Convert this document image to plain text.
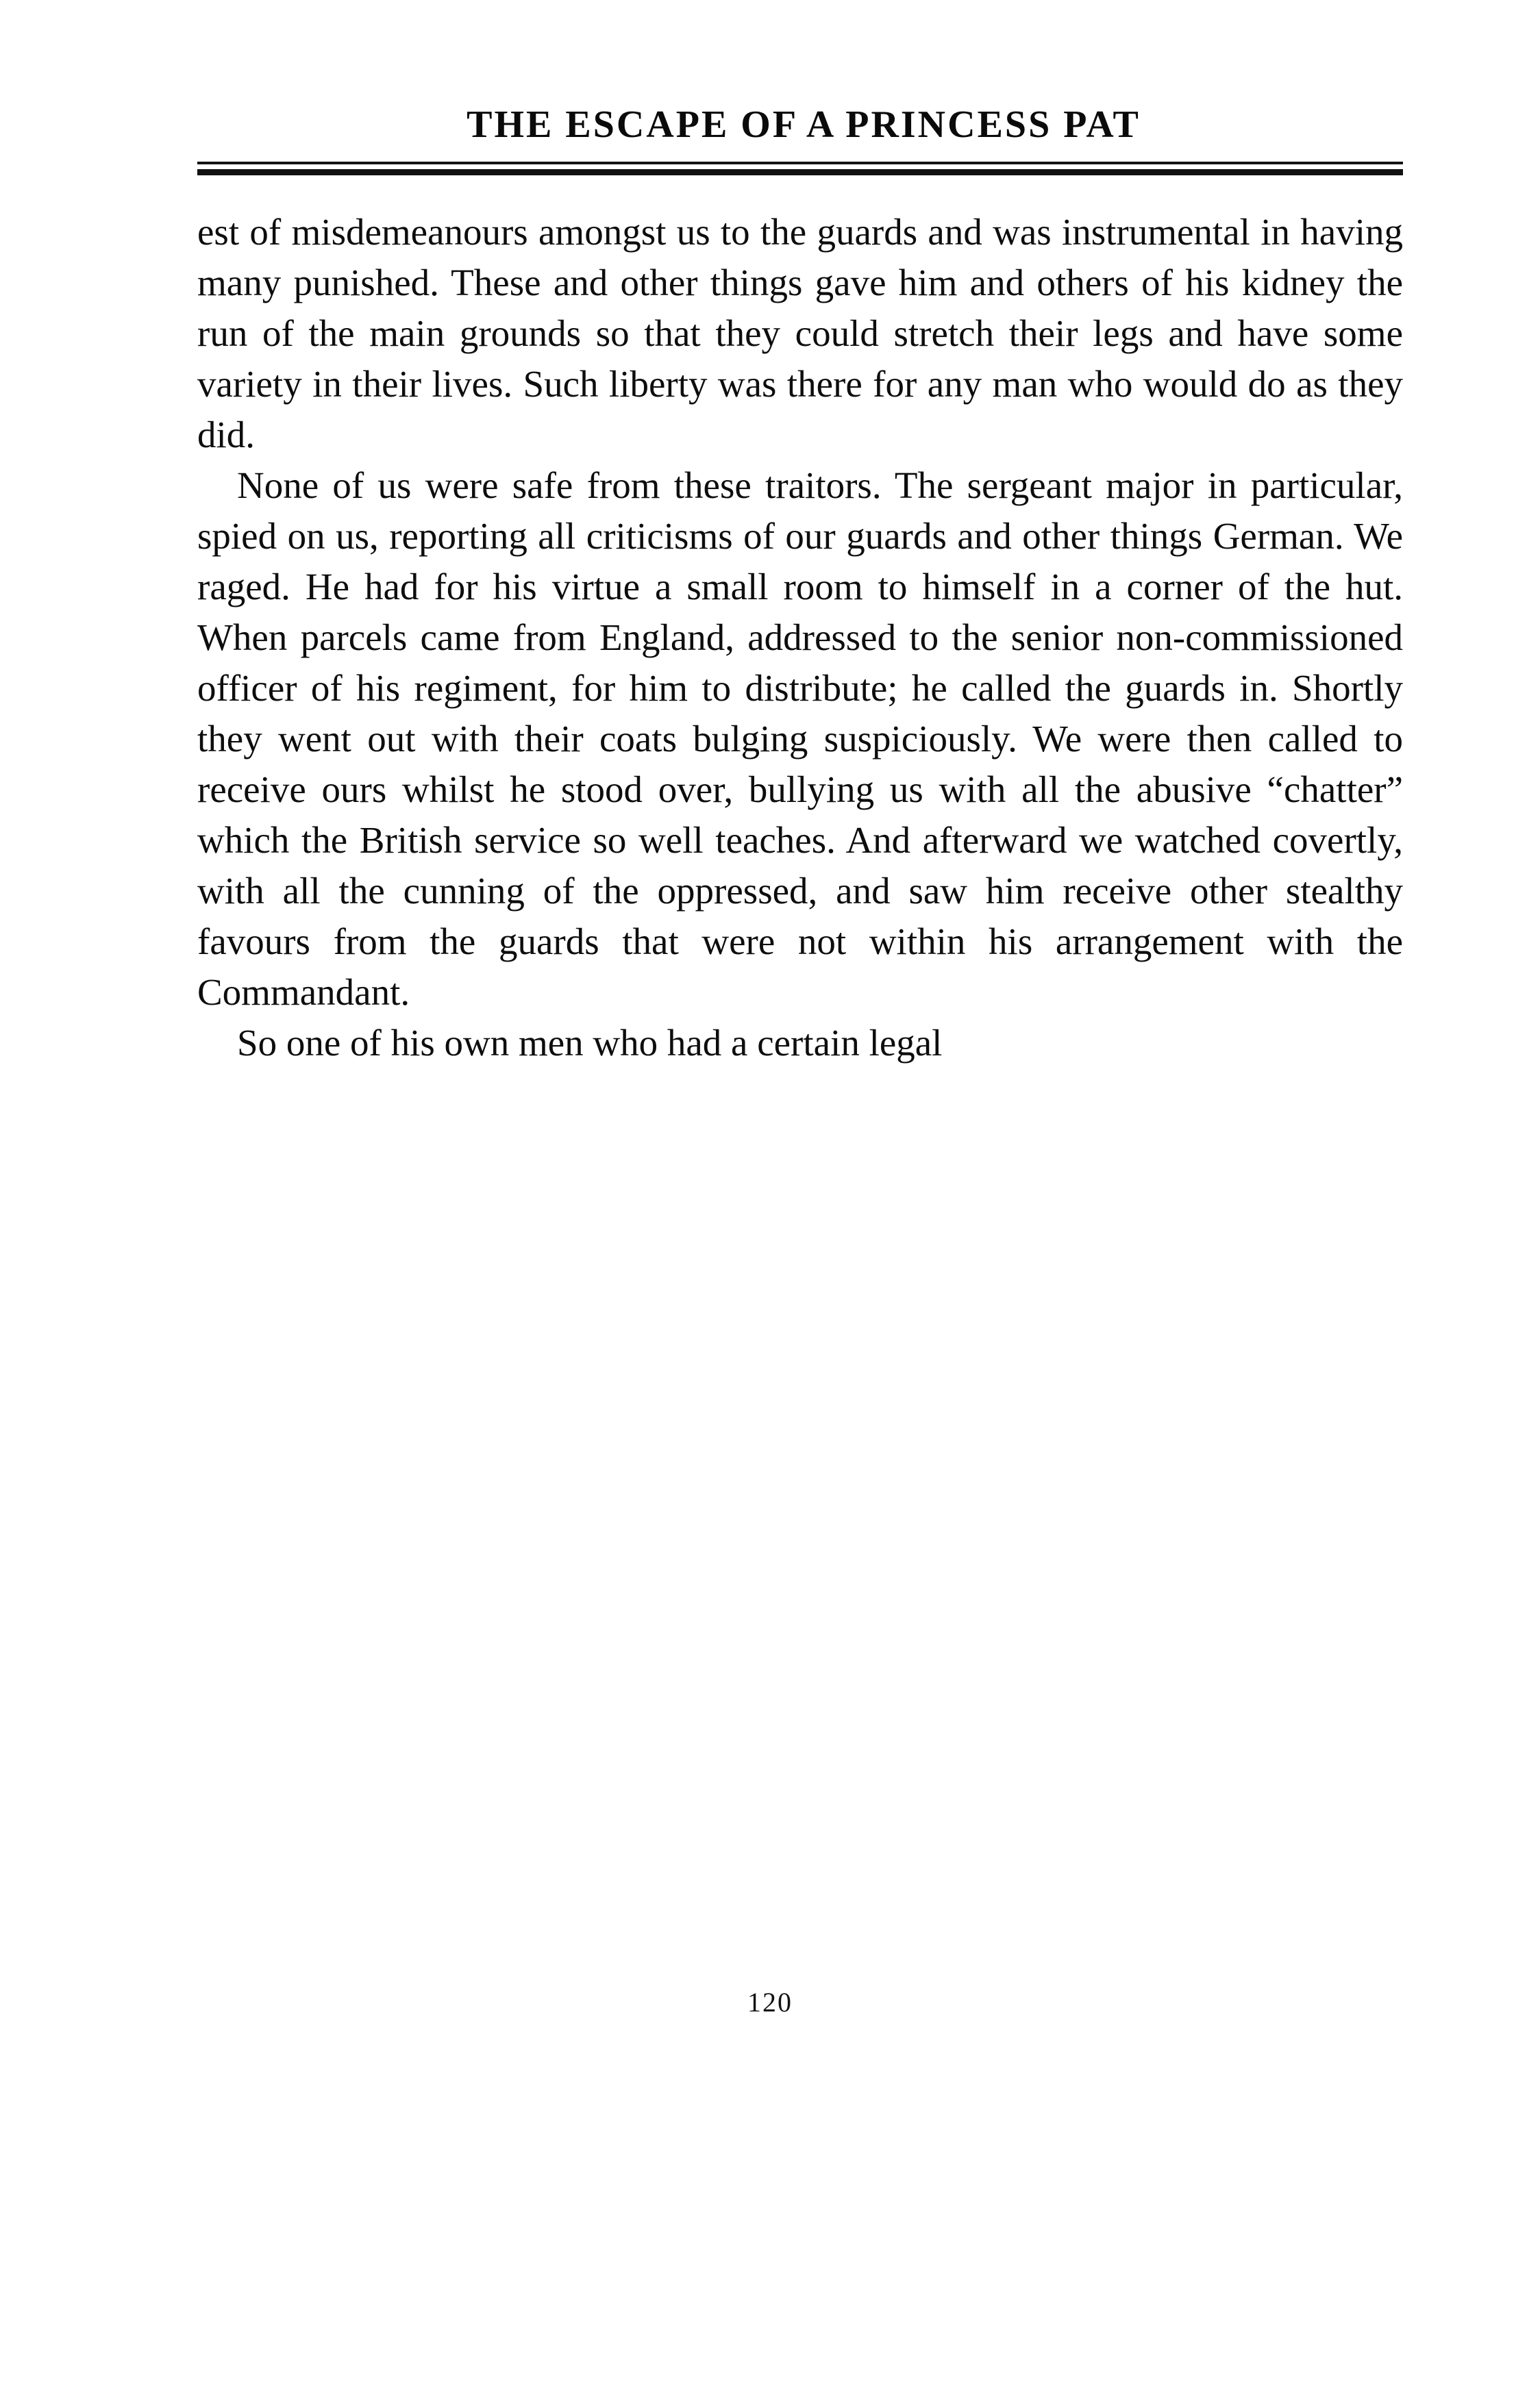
THE ESCAPE OF A PRINCESS PAT

est of misdemeanours amongst us to the guards and was instrumental in having many punished. These and other things gave him and others of his kidney the run of the main grounds so that they could stretch their legs and have some variety in their lives. Such liberty was there for any man who would do as they did.

None of us were safe from these traitors. The sergeant major in particular, spied on us, reporting all criticisms of our guards and other things German. We raged. He had for his virtue a small room to himself in a corner of the hut. When parcels came from England, addressed to the senior non-commissioned officer of his regiment, for him to distribute; he called the guards in. Shortly they went out with their coats bulging suspiciously. We were then called to receive ours whilst he stood over, bullying us with all the abusive “chatter” which the British service so well teaches. And afterward we watched covertly, with all the cunning of the oppressed, and saw him receive other stealthy favours from the guards that were not within his arrangement with the Commandant.

So one of his own men who had a certain legal

120
